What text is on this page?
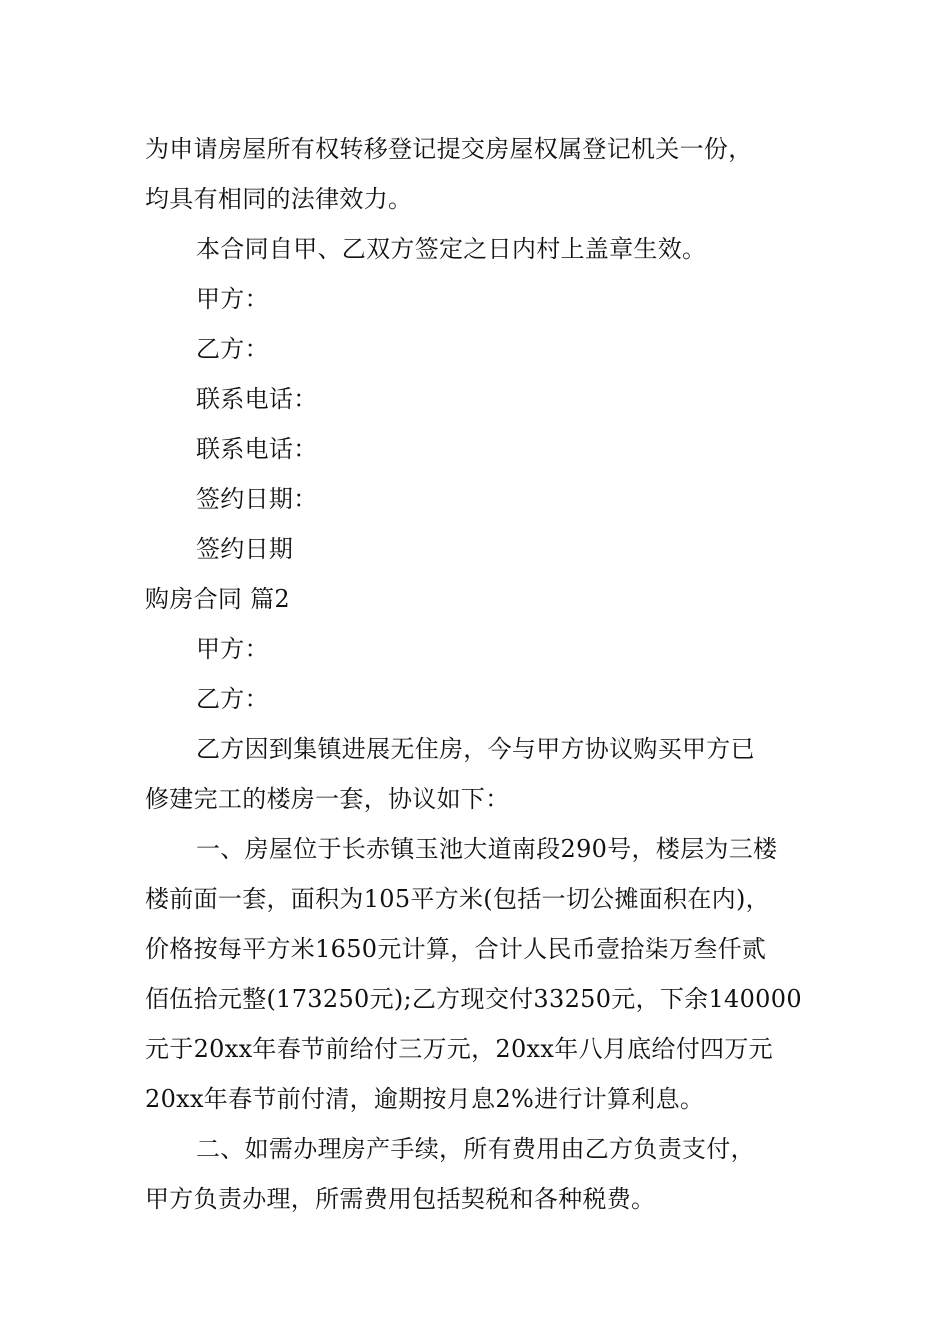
为申请房屋所有权转移登记提交房屋权属登记机关一份，
均具有相同的法律效力。
本合同自甲、乙双方签定之日内村上盖章生效。
甲方：
乙方：
联系电话：
联系电话：
签约日期：
签约日期
购房合同 篇2
甲方：
乙方：
乙方因到集镇进展无住房，今与甲方协议购买甲方已
修建完工的楼房一套，协议如下：
一、房屋位于长赤镇玉池大道南段290号，楼层为三楼
楼前面一套，面积为105平方米(包括一切公摊面积在内)，
价格按每平方米1650元计算，合计人民币壹拾柒万叁仟贰
佰伍拾元整(173250元);乙方现交付33250元，下余140000
元于20xx年春节前给付三万元，20xx年八月底给付四万元
20xx年春节前付清，逾期按月息2%进行计算利息。
二、如需办理房产手续，所有费用由乙方负责支付，
甲方负责办理，所需费用包括契税和各种税费。
